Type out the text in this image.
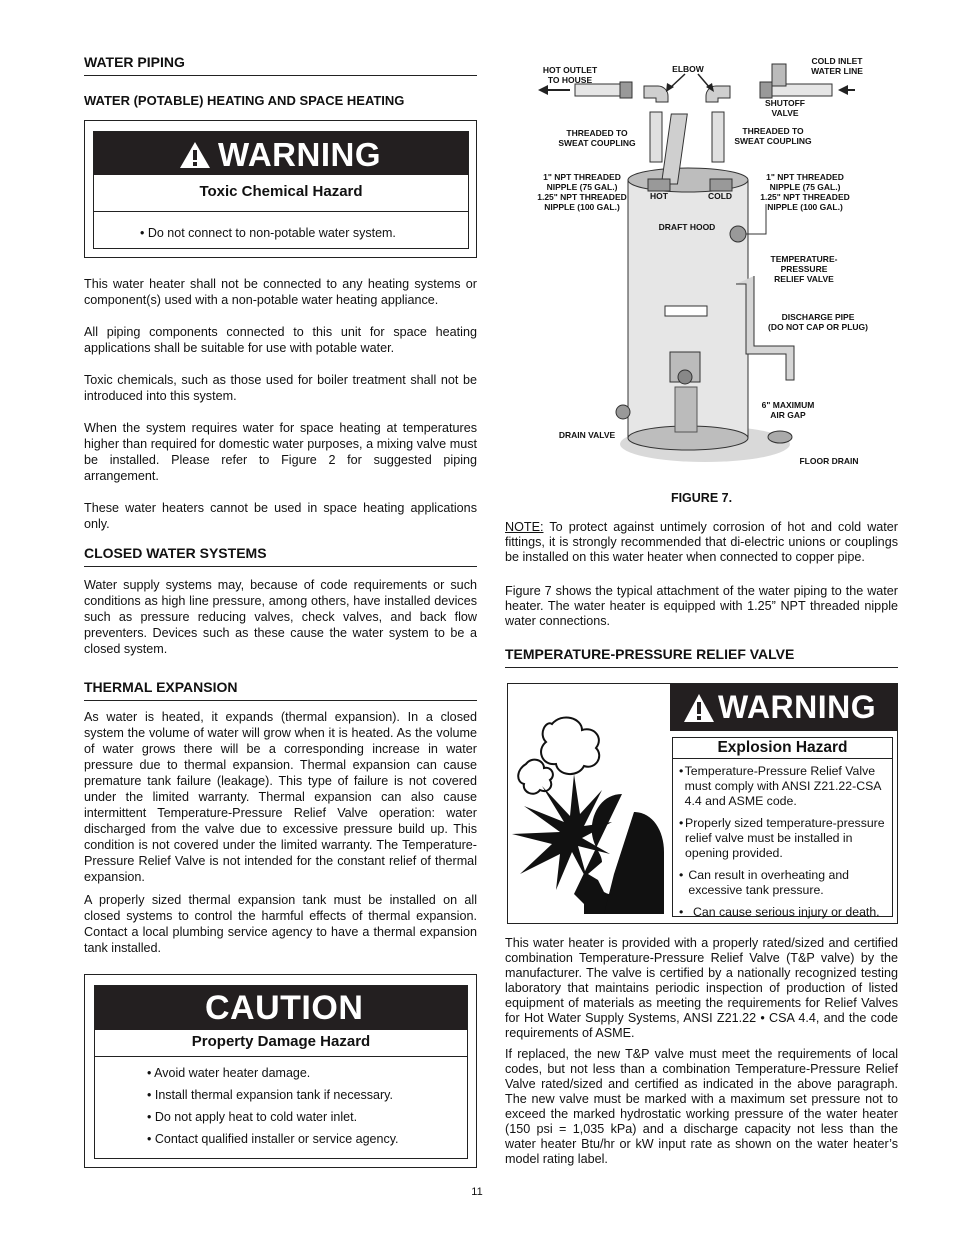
WATER PIPING
WATER (POTABLE) HEATING AND SPACE HEATING
WARNING
Toxic Chemical Hazard
• Do not connect to non-potable water system.

This water heater shall not be connected to any heating systems or component(s) used with a non-potable water heating appliance.

All piping components connected to this unit for space heating applications shall be suitable for use with potable water.

Toxic chemicals, such as those used for boiler treatment shall not be introduced into this system.

When the system requires water for space heating at temperatures higher than required for domestic water purposes, a mixing valve must be installed. Please refer to Figure 2 for suggested piping arrangement.

These water heaters cannot be used in space heating applications only.

CLOSED WATER SYSTEMS

Water supply systems may, because of code requirements or such conditions as high line pressure, among others, have installed devices such as pressure reducing valves, check valves, and back flow preventers. Devices such as these cause the water system to be a closed system.

THERMAL EXPANSION

As water is heated, it expands (thermal expansion). In a closed system the volume of water will grow when it is heated. As the volume of water grows there will be a corresponding increase in water pressure due to thermal expansion. Thermal expansion can cause premature tank failure (leakage). This type of failure is not covered under the limited warranty. Thermal expansion can also cause intermittent Temperature-Pressure Relief Valve operation: water discharged from the valve due to excessive pressure build up. This condition is not covered under the limited warranty. The Temperature-Pressure Relief Valve is not intended for the constant relief of thermal expansion.

A properly sized thermal expansion tank must be installed on all closed systems to control the harmful effects of thermal expansion. Contact a local plumbing service agency to have a thermal expansion tank installed.

CAUTION
Property Damage Hazard
• Avoid water heater damage.
• Install thermal expansion tank if necessary.
• Do not apply heat to cold water inlet.
• Contact qualified installer or service agency.
HOT OUTLET
TO HOUSE
ELBOW
COLD INLET
WATER LINE
SHUTOFF
VALVE
THREADED TO
SWEAT COUPLING
THREADED TO
SWEAT COUPLING
1" NPT THREADED
NIPPLE (75 GAL.)
1.25" NPT THREADED
NIPPLE (100 GAL.)
1" NPT THREADED
NIPPLE (75 GAL.)
1.25" NPT THREADED
NIPPLE (100 GAL.)
HOT	COLD
DRAFT HOOD
TEMPERATURE-
PRESSURE
RELIEF VALVE
DISCHARGE PIPE
(DO NOT CAP OR PLUG)
6" MAXIMUM
AIR GAP
DRAIN VALVE
FLOOR DRAIN
FIGURE 7.

NOTE: To protect against untimely corrosion of hot and cold water fittings, it is strongly recommended that di-electric unions or couplings be installed on this water heater when connected to copper pipe.

Figure 7 shows the typical attachment of the water piping to the water heater. The water heater is equipped with 1.25” NPT threaded nipple water connections.

TEMPERATURE-PRESSURE RELIEF VALVE
WARNING
Explosion Hazard
• Temperature-Pressure Relief Valve must comply with ANSI Z21.22-CSA 4.4 and ASME code.
• Properly sized temperature-pressure relief valve must be installed in opening provided.
• Can result in overheating and excessive tank pressure.
• Can cause serious injury or death.

This water heater is provided with a properly rated/sized and certified combination Temperature-Pressure Relief Valve (T&P valve) by the manufacturer. The valve is certified by a nationally recognized testing laboratory that maintains periodic inspection of production of listed equipment of materials as meeting the requirements for Relief Valves for Hot Water Supply Systems, ANSI Z21.22 • CSA 4.4, and the code requirements of ASME.

If replaced, the new T&P valve must meet the requirements of local codes, but not less than a combination Temperature-Pressure Relief Valve rated/sized and certified as indicated in the above paragraph. The new valve must be marked with a maximum set pressure not to exceed the marked hydrostatic working pressure of the water heater (150 psi = 1,035 kPa) and a discharge capacity not less than the water heater Btu/hr or kW input rate as shown on the water heater’s model rating label.

11
